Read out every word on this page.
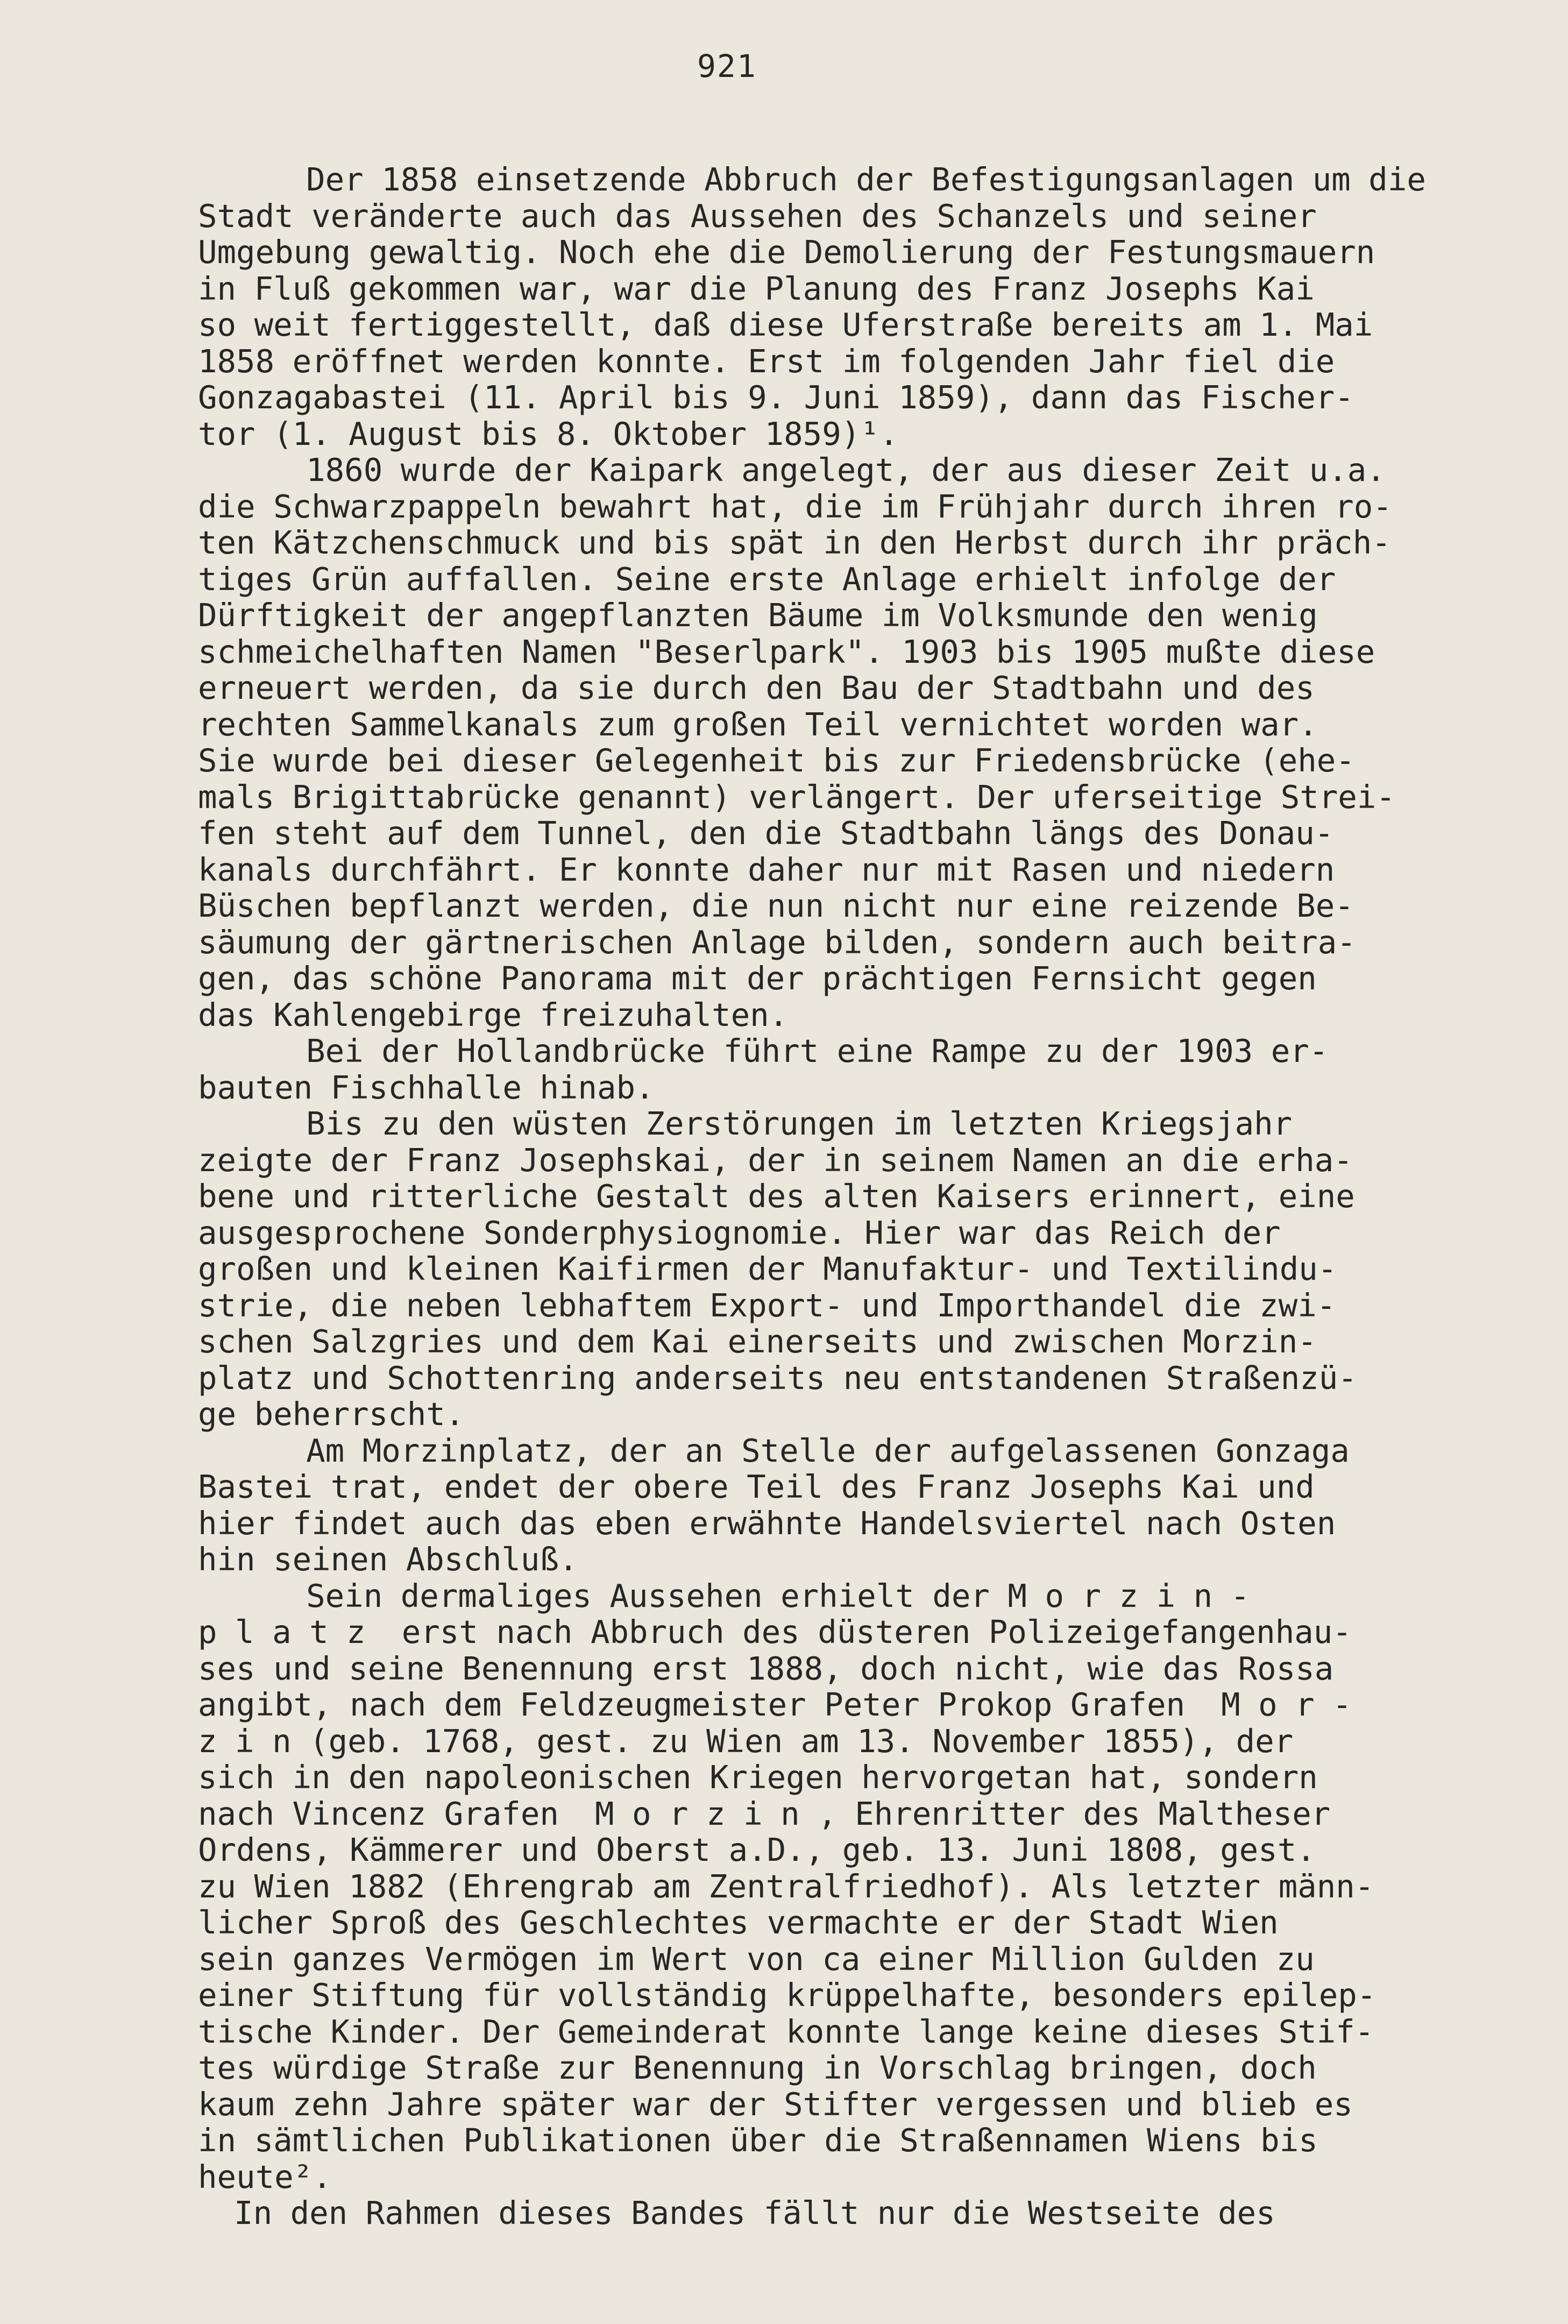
921
Der 1858 einsetzende Abbruch der Befestigungsanlagen um die
Stadt veränderte auch das Aussehen des Schanzels und seiner
Umgebung gewaltig. Noch ehe die Demolierung der Festungsmauern
in Fluß gekommen war, war die Planung des Franz Josephs Kai
so weit fertiggestellt, daß diese Uferstraße bereits am 1. Mai
1858 eröffnet werden konnte. Erst im folgenden Jahr fiel die
Gonzagabastei (11. April bis 9. Juni 1859), dann das Fischer-
tor (1. August bis 8. Oktober 1859)¹.
1860 wurde der Kaipark angelegt, der aus dieser Zeit u.a.
die Schwarzpappeln bewahrt hat, die im Frühjahr durch ihren ro-
ten Kätzchenschmuck und bis spät in den Herbst durch ihr präch-
tiges Grün auffallen. Seine erste Anlage erhielt infolge der
Dürftigkeit der angepflanzten Bäume im Volksmunde den wenig
schmeichelhaften Namen "Beserlpark". 1903 bis 1905 mußte diese
erneuert werden, da sie durch den Bau der Stadtbahn und des
rechten Sammelkanals zum großen Teil vernichtet worden war.
Sie wurde bei dieser Gelegenheit bis zur Friedensbrücke (ehe-
mals Brigittabrücke genannt) verlängert. Der uferseitige Strei-
fen steht auf dem Tunnel, den die Stadtbahn längs des Donau-
kanals durchfährt. Er konnte daher nur mit Rasen und niedern
Büschen bepflanzt werden, die nun nicht nur eine reizende Be-
säumung der gärtnerischen Anlage bilden, sondern auch beitra-
gen, das schöne Panorama mit der prächtigen Fernsicht gegen
das Kahlengebirge freizuhalten.
Bei der Hollandbrücke führt eine Rampe zu der 1903 er-
bauten Fischhalle hinab.
Bis zu den wüsten Zerstörungen im letzten Kriegsjahr
zeigte der Franz Josephskai, der in seinem Namen an die erha-
bene und ritterliche Gestalt des alten Kaisers erinnert, eine
ausgesprochene Sonderphysiognomie. Hier war das Reich der
großen und kleinen Kaifirmen der Manufaktur- und Textilindu-
strie, die neben lebhaftem Export- und Importhandel die zwi-
schen Salzgries und dem Kai einerseits und zwischen Morzin-
platz und Schottenring anderseits neu entstandenen Straßenzü-
ge beherrscht.
Am Morzinplatz, der an Stelle der aufgelassenen Gonzaga
Bastei trat, endet der obere Teil des Franz Josephs Kai und
hier findet auch das eben erwähnte Handelsviertel nach Osten
hin seinen Abschluß.
Sein dermaliges Aussehen erhielt der M o r z i n -
p l a t z  erst nach Abbruch des düsteren Polizeigefangenhau-
ses und seine Benennung erst 1888, doch nicht, wie das Rossa
angibt, nach dem Feldzeugmeister Peter Prokop Grafen  M o r -
z i n (geb. 1768, gest. zu Wien am 13. November 1855), der
sich in den napoleonischen Kriegen hervorgetan hat, sondern
nach Vincenz Grafen  M o r z i n , Ehrenritter des Maltheser
Ordens, Kämmerer und Oberst a.D., geb. 13. Juni 1808, gest.
zu Wien 1882 (Ehrengrab am Zentralfriedhof). Als letzter männ-
licher Sproß des Geschlechtes vermachte er der Stadt Wien
sein ganzes Vermögen im Wert von ca einer Million Gulden zu
einer Stiftung für vollständig krüppelhafte, besonders epilep-
tische Kinder. Der Gemeinderat konnte lange keine dieses Stif-
tes würdige Straße zur Benennung in Vorschlag bringen, doch
kaum zehn Jahre später war der Stifter vergessen und blieb es
in sämtlichen Publikationen über die Straßennamen Wiens bis
heute².
In den Rahmen dieses Bandes fällt nur die Westseite des
